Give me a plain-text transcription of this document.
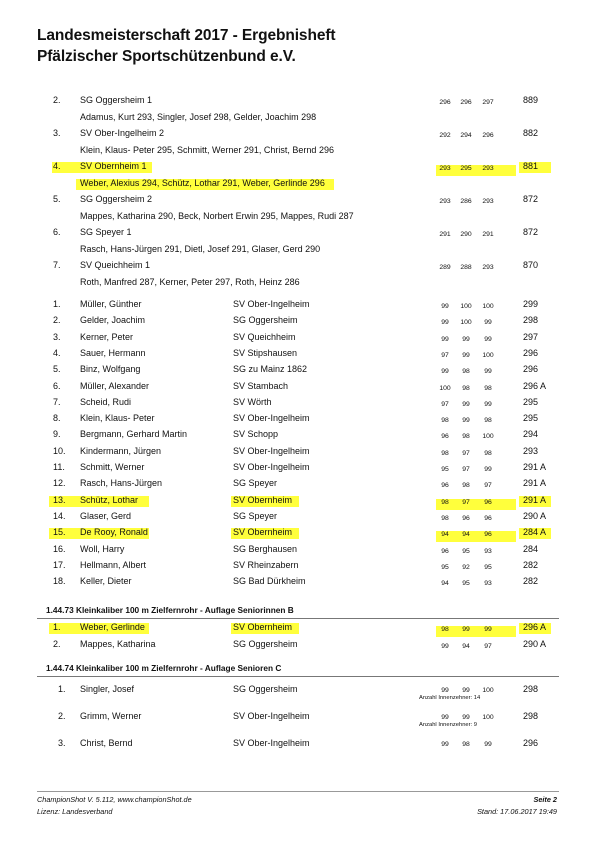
Landesmeisterschaft 2017 - Ergebnisheft
Pfälzischer Sportschützenbund e.V.
2. SG Oggersheim 1	296	296	297	889
Adamus, Kurt 293, Singler, Josef 298, Gelder, Joachim 298
3. SV Ober-Ingelheim 2	292	294	296	882
Klein, Klaus- Peter 295, Schmitt, Werner 291, Christ, Bernd 296
4. SV Obernheim 1	293	295	293	881
Weber, Alexius 294, Schütz, Lothar 291, Weber, Gerlinde 296
5. SG Oggersheim 2	293	286	293	872
Mappes, Katharina 290, Beck, Norbert Erwin 295, Mappes, Rudi 287
6. SG Speyer 1	291	290	291	872
Rasch, Hans-Jürgen 291, Dietl, Josef 291, Glaser, Gerd 290
7. SV Queichheim 1	289	288	293	870
Roth, Manfred 287, Kerner, Peter 297, Roth, Heinz 286
1. Müller, Günther	SV Ober-Ingelheim	99	100	100	299
2. Gelder, Joachim	SG Oggersheim	99	100	99	298
3. Kerner, Peter	SV Queichheim	99	99	99	297
4. Sauer, Hermann	SV Stipshausen	97	99	100	296
5. Binz, Wolfgang	SG zu Mainz 1862	99	98	99	296
6. Müller, Alexander	SV Stambach	100	98	98	296 A
7. Scheid, Rudi	SV Wörth	97	99	99	295
8. Klein, Klaus- Peter	SV Ober-Ingelheim	98	99	98	295
9. Bergmann, Gerhard Martin	SV Schopp	96	98	100	294
10. Kindermann, Jürgen	SV Ober-Ingelheim	98	97	98	293
11. Schmitt, Werner	SV Ober-Ingelheim	95	97	99	291 A
12. Rasch, Hans-Jürgen	SG Speyer	96	98	97	291 A
13. Schütz, Lothar	SV Obernheim	98	97	96	291 A
14. Glaser, Gerd	SG Speyer	98	96	96	290 A
15. De Rooy, Ronald	SV Obernheim	94	94	96	284 A
16. Woll, Harry	SG Berghausen	96	95	93	284
17. Hellmann, Albert	SV Rheinzabern	95	92	95	282
18. Keller, Dieter	SG Bad Dürkheim	94	95	93	282
1.44.73 Kleinkaliber 100 m Zielfernrohr - Auflage Seniorinnen B
1. Weber, Gerlinde	SV Obernheim	98	99	99	296 A
2. Mappes, Katharina	SG Oggersheim	99	94	97	290 A
1.44.74 Kleinkaliber 100 m Zielfernrohr - Auflage Senioren C
1. Singler, Josef	SG Oggersheim	99	99	100	298
Anzahl Innenzehner: 14
2. Grimm, Werner	SV Ober-Ingelheim	99	99	100	298
Anzahl Innenzehner: 9
3. Christ, Bernd	SV Ober-Ingelheim	99	98	99	296
ChampionShot V. 5.112, www.championShot.de
Lizenz: Landesverband
Seite 2
Stand: 17.06.2017 19:49
